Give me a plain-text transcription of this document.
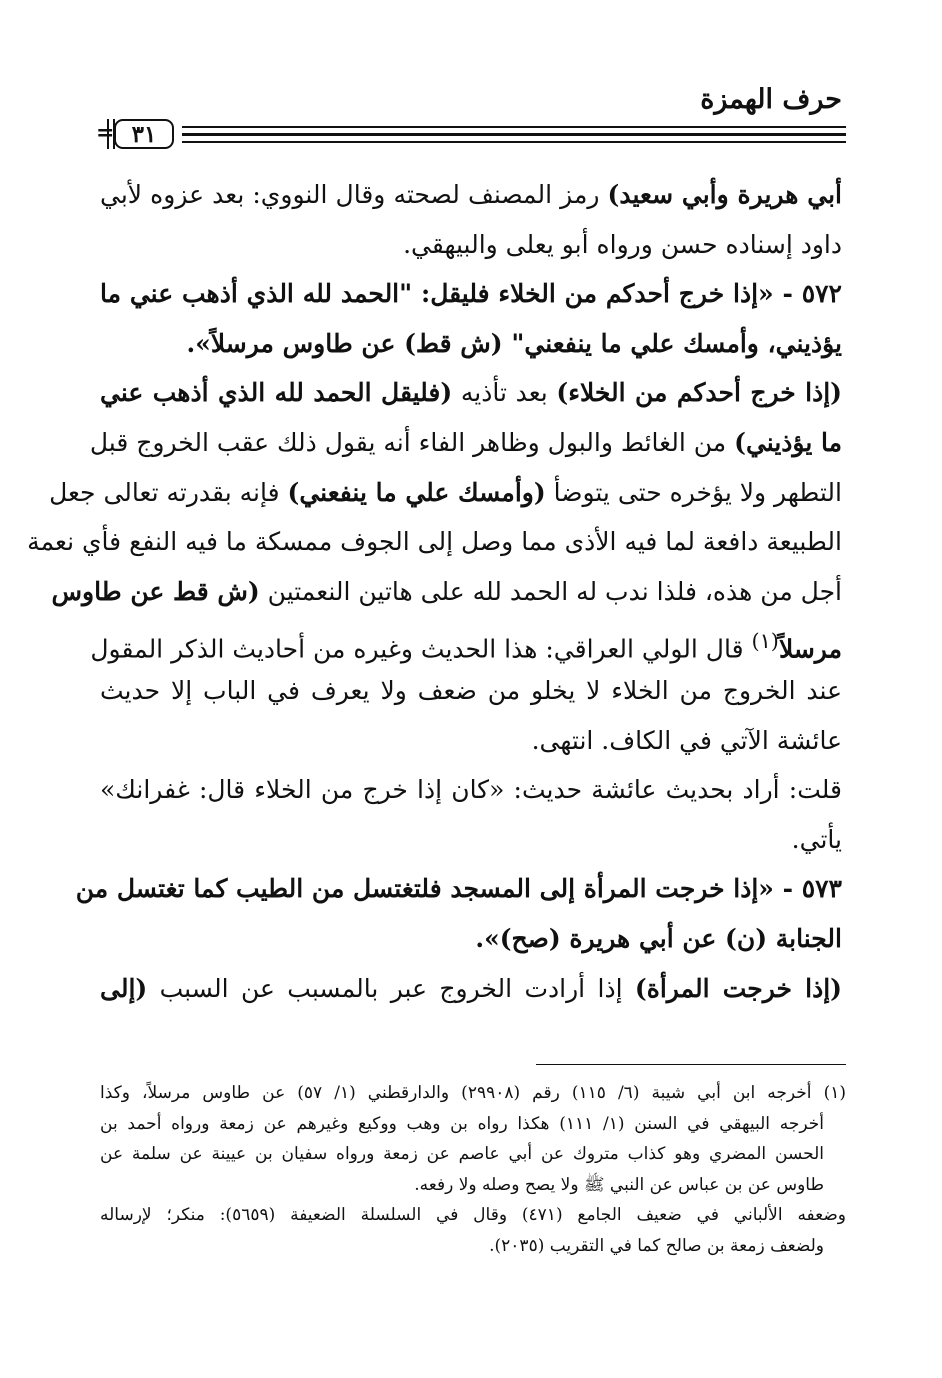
حرف الهمزة
= ٣١
أبي هريرة وأبي سعيد) رمز المصنف لصحته وقال النووي: بعد عزوه لأبي
داود إسناده حسن ورواه أبو يعلى والبيهقي.
٥٧٢ - «إذا خرج أحدكم من الخلاء فليقل: "الحمد لله الذي أذهب عني ما
يؤذيني، وأمسك علي ما ينفعني" (ش قط) عن طاوس مرسلاً».
(إذا خرج أحدكم من الخلاء) بعد تأذيه (فليقل الحمد لله الذي أذهب عني
ما يؤذيني) من الغائط والبول وظاهر الفاء أنه يقول ذلك عقب الخروج قبل
التطهر ولا يؤخره حتى يتوضأ (وأمسك علي ما ينفعني) فإنه بقدرته تعالى جعل
الطبيعة دافعة لما فيه الأذى مما وصل إلى الجوف ممسكة ما فيه النفع فأي نعمة
أجل من هذه، فلذا ندب له الحمد لله على هاتين النعمتين (ش قط عن طاوس
مرسلاً$^{(١)}$ قال الولي العراقي: هذا الحديث وغيره من أحاديث الذكر المقول
عند الخروج من الخلاء لا يخلو من ضعف ولا يعرف في الباب إلا حديث
عائشة الآتي في الكاف. انتهى.
قلت: أراد بحديث عائشة حديث: «كان إذا خرج من الخلاء قال: غفرانك»
يأتي.
٥٧٣ - «إذا خرجت المرأة إلى المسجد فلتغتسل من الطيب كما تغتسل من
الجنابة (ن) عن أبي هريرة (صح)».
(إذا خرجت المرأة) إذا أرادت الخروج عبر بالمسبب عن السبب (إلى
(١) أخرجه ابن أبي شيبة (٦/ ١١٥) رقم (٢٩٩٠٨) والدارقطني (١/ ٥٧) عن طاوس مرسلاً، وكذا
أخرجه البيهقي في السنن (١/ ١١١) هكذا رواه بن وهب ووكيع وغيرهم عن زمعة ورواه أحمد بن
الحسن المضري وهو كذاب متروك عن أبي عاصم عن زمعة ورواه سفيان بن عيينة عن سلمة عن
طاوس عن بن عباس عن النبي ﷺ ولا يصح وصله ولا رفعه.
وضعفه الألباني في ضعيف الجامع (٤٧١) وقال في السلسلة الضعيفة (٥٦٥٩): منكر؛ لإرساله
ولضعف زمعة بن صالح كما في التقريب (٢٠٣٥).
